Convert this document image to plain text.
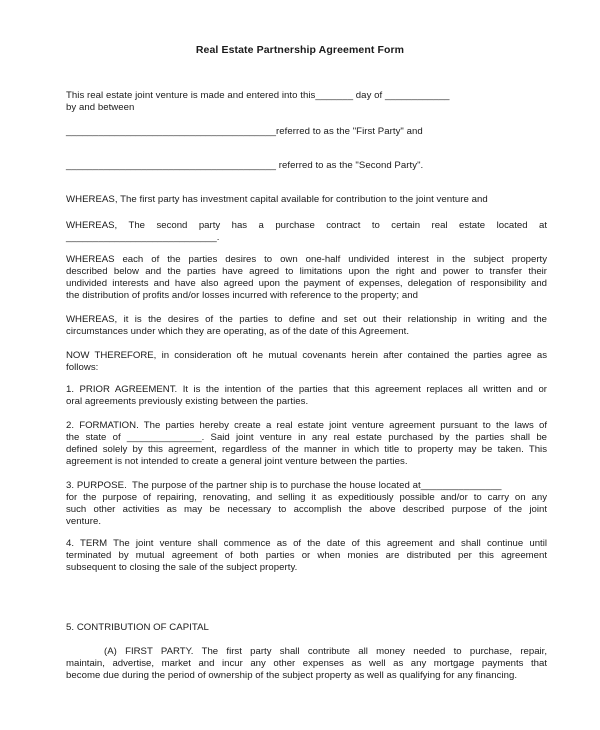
Real Estate Partnership Agreement Form
This real estate joint venture is made and entered into this_______ day of ____________
by and between
_______________________________________referred to as the "First Party" and
_______________________________________ referred to as the "Second Party".
WHEREAS, The first party has investment capital available for contribution to the joint venture and
WHEREAS, The second party has a purchase contract to certain real estate located at
____________________________.
WHEREAS each of the parties desires to own one-half undivided interest in the subject property
described below and the parties have agreed to limitations upon the right and power to transfer their
undivided interests and have also agreed upon the payment of expenses, delegation of responsibility and
the distribution of profits and/or losses incurred with reference to the property; and
WHEREAS, it is the desires of the parties to define and set out their relationship in writing and the
circumstances under which they are operating, as of the date of this Agreement.
NOW THEREFORE, in consideration oft he mutual covenants herein after contained the parties agree as
follows:
1. PRIOR AGREEMENT. It is the intention of the parties that this agreement replaces all written and or
oral agreements previously existing between the parties.
2. FORMATION. The parties hereby create a real estate joint venture agreement pursuant to the laws of
the state of ______________. Said joint venture in any real estate purchased by the parties shall be
defined solely by this agreement, regardless of the manner in which title to property may be taken. This
agreement is not intended to create a general joint venture between the parties.
3. PURPOSE.  The purpose of the partner ship is to purchase the house located at_______________
for the purpose of repairing, renovating, and selling it as expeditiously possible and/or to carry on any
such other activities as may be necessary to accomplish the above described purpose of the joint
venture.
4. TERM The joint venture shall commence as of the date of this agreement and shall continue until
terminated by mutual agreement of both parties or when monies are distributed per this agreement
subsequent to closing the sale of the subject property.
5. CONTRIBUTION OF CAPITAL
(A) FIRST PARTY. The first party shall contribute all money needed to purchase, repair,
maintain, advertise, market and incur any other expenses as well as any mortgage payments that
become due during the period of ownership of the subject property as well as qualifying for any financing.
